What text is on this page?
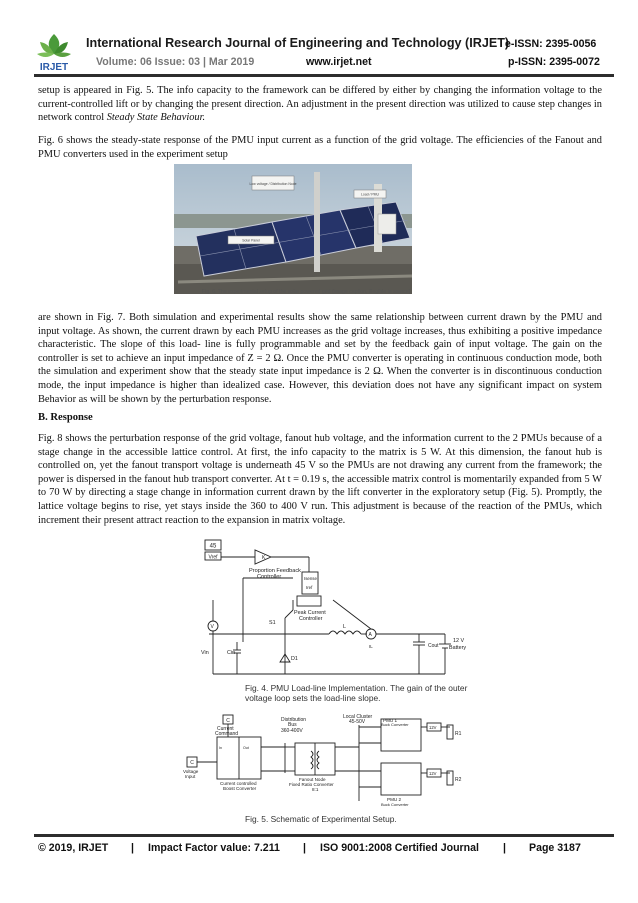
IRJET
International Research Journal of Engineering and Technology (IRJET)
e-ISSN: 2395-0056
Volume: 06 Issue: 03 | Mar 2019	www.irjet.net	p-ISSN: 2395-0072

setup is appeared in Fig. 5. The info capacity to the framework can be differed by either by changing the information voltage to the current-controlled lift or by changing the present direction. An adjustment in the present direction was utilized to cause step changes in network control Steady State Behaviour.

Fig. 6 shows the steady-state response of the PMU input current as a function of the grid voltage. The efficiencies of the Fanout and PMU converters used in the experiment setup

Low voltage / Distribution Node
Solar Panel
Load / PMU
Fig. 6. The experimental setup of the solar powered grid (image caption, illegible in source)

are shown in Fig. 7. Both simulation and experimental results show the same relationship between current drawn by the PMU and input voltage. As shown, the current drawn by each PMU increases as the grid voltage increases, thus exhibiting a positive impedance characteristic. The slope of this load- line is fully programmable and set by the feedback gain of input voltage. The gain on the controller is set to achieve an input impedance of Z = 2 Ω. Once the PMU converter is operating in continuous conduction mode, both the simulation and experiment show that the steady state input impedance is 2 Ω. When the converter is in discontinuous conduction mode, the input impedance is higher than idealized case. However, this deviation does not have any significant impact on system Behavior as will be shown by the perturbation response.

B. Response

Fig. 8 shows the perturbation response of the grid voltage, fanout hub voltage, and the information current to the 2 PMUs because of a stage change in the accessible lattice control. At first, the info capacity to the matrix is 5 W. At this dimension, the fanout hub is controlled on, yet the fanout transport voltage is underneath 45 V so the PMUs are not drawing any current from the framework; the power is dispersed in the fanout hub transport converter. At t = 0.19 s, the accessible matrix control is momentarily expanded from 5 W to 70 W by directing a stage change in information current drawn by the lift converter in the exploratory setup (Fig. 5). Promptly, the lattice voltage begins to rise, yet stays inside the 360 to 400 V run. This adjustment is because of the reaction of the PMUs, which increment their present attract reaction to the expansion in matrix voltage.

45
Vref	K
Proportion Feedback
Controller	Isense
Iref
Peak Current
Controller
S1
L
D1
Vin	Cin
V
A
IL	Cout
12 V
Battery
Fig. 4. PMU Load-line Implementation. The gain of the outer voltage loop sets the load-line slope.
C
Current
Command
C
Voltage
Input
Distribution
Bus
360-400V
Local Cluster
45-50V	PMU 1
Buck Converter
PMU 2
Buck Converter
Current controlled
Boost Converter
Fanout Node
Fixed Ratio Converter
8:1
R1
R2
12V
12V
In	Out
Fig. 5. Schematic of Experimental Setup.
© 2019, IRJET | Impact Factor value: 7.211 | ISO 9001:2008 Certified Journal | Page 3187
